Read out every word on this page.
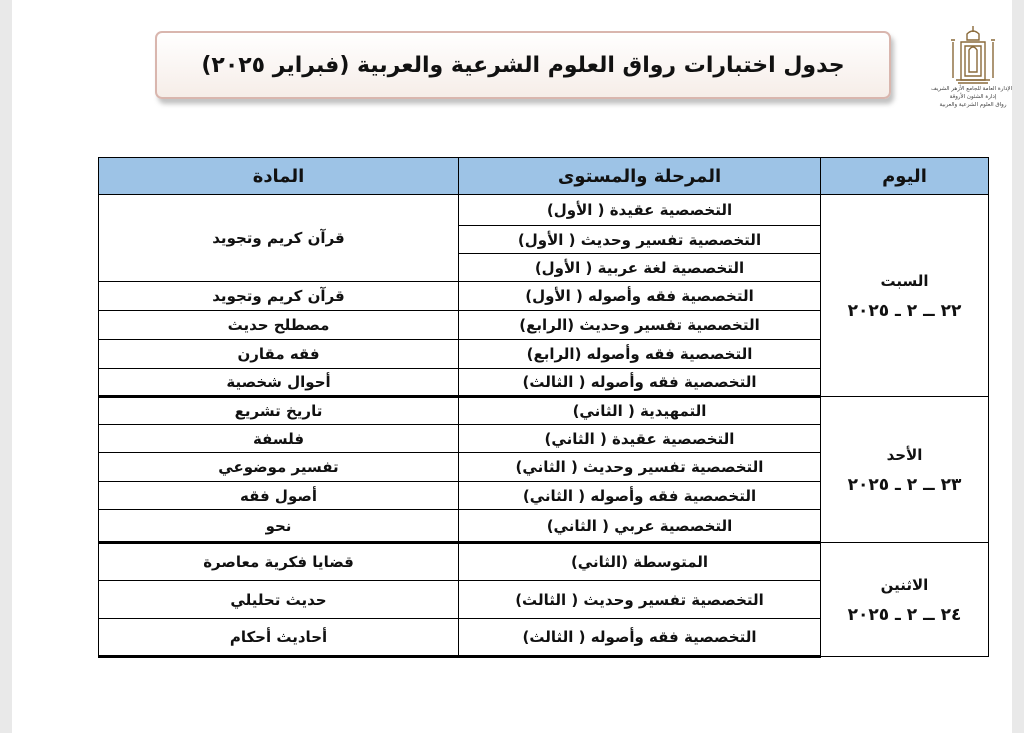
جدول اختبارات رواق العلوم الشرعية والعربية (فبراير ٢٠٢٥)
الإدارة العامة للجامع الأزهر الشريف
إدارة الشئون الأروقة
رواق العلوم الشرعية والعربية
اليوم	المرحلة والمستوى	المادة

السبت
٢٢ ــ ٢ ـ ٢٠٢٥	التخصصية عقيدة ( الأول)	قرآن كريم وتجويد
	التخصصية تفسير وحديث ( الأول)	
	التخصصية لغة عربية ( الأول)	
	التخصصية فقه وأصوله ( الأول)	قرآن كريم وتجويد
	التخصصية تفسير وحديث (الرابع)	مصطلح حديث
	التخصصية فقه وأصوله (الرابع)	فقه مقارن
	التخصصية فقه وأصوله ( الثالث)	أحوال شخصية

الأحد
٢٣ ــ ٢ ـ ٢٠٢٥	التمهيدية ( الثاني)	تاريخ تشريع
	التخصصية عقيدة ( الثاني)	فلسفة
	التخصصية تفسير وحديث ( الثاني)	تفسير موضوعي
	التخصصية فقه وأصوله ( الثاني)	أصول فقه
	التخصصية عربي ( الثاني)	نحو

الاثنين
٢٤ ــ ٢ ـ ٢٠٢٥	المتوسطة (الثاني)	قضايا فكرية معاصرة
	التخصصية تفسير وحديث ( الثالث)	حديث تحليلي
	التخصصية فقه وأصوله ( الثالث)	أحاديث أحكام
